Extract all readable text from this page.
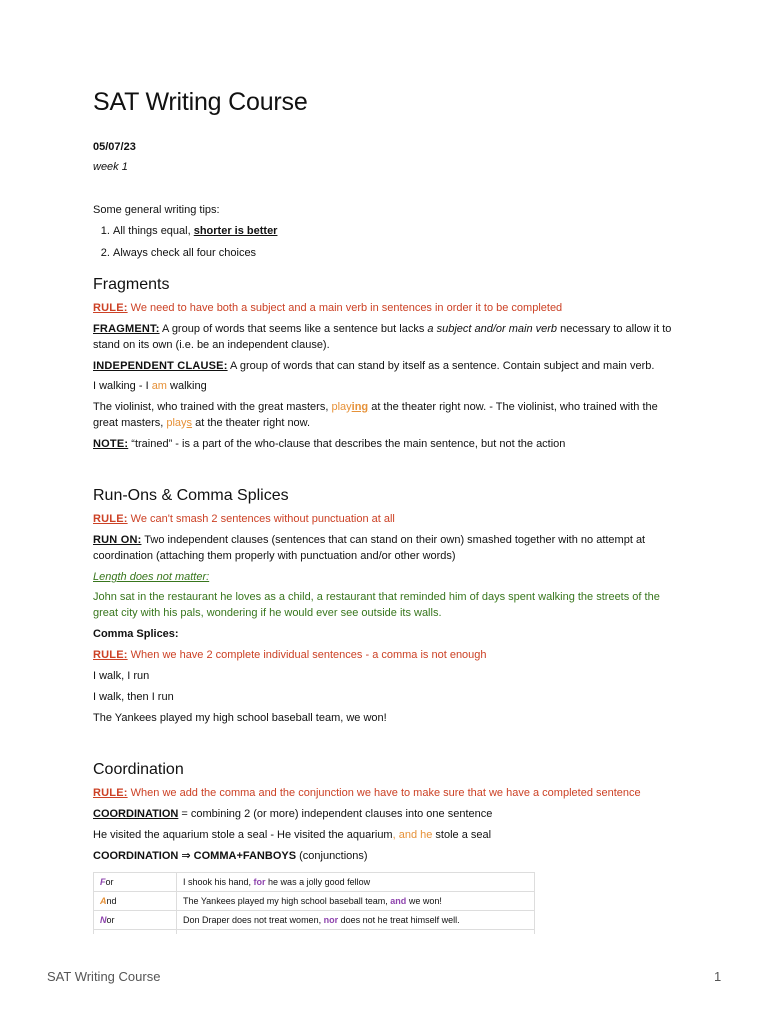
SAT Writing Course
05/07/23
week 1
Some general writing tips:
1. All things equal, shorter is better
2. Always check all four choices
Fragments
RULE: We need to have both a subject and a main verb in sentences in order it to be completed
FRAGMENT: A group of words that seems like a sentence but lacks a subject and/or main verb necessary to allow it to stand on its own (i.e. be an independent clause).
INDEPENDENT CLAUSE: A group of words that can stand by itself as a sentence. Contain subject and main verb.
I walking - I am walking
The violinist, who trained with the great masters, playing at the theater right now. - The violinist, who trained with the great masters, plays at the theater right now.
NOTE: “trained” - is a part of the who-clause that describes the main sentence, but not the action
Run-Ons & Comma Splices
RULE: We can't smash 2 sentences without punctuation at all
RUN ON: Two independent clauses (sentences that can stand on their own) smashed together with no attempt at coordination (attaching them properly with punctuation and/or other words)
Length does not matter:
John sat in the restaurant he loves as a child, a restaurant that reminded him of days spent walking the streets of the great city with his pals, wondering if he would ever see outside its walls.
Comma Splices:
RULE: When we have 2 complete individual sentences - a comma is not enough
I walk, I run
I walk, then I run
The Yankees played my high school baseball team, we won!
Coordination
RULE: When we add the comma and the conjunction we have to make sure that we have a completed sentence
COORDINATION = combining 2 (or more) independent clauses into one sentence
He visited the aquarium stole a seal - He visited the aquarium, and he stole a seal
COORDINATION ⇒ COMMA+FANBOYS (conjunctions)
For	I shook his hand, for he was a jolly good fellow
And	The Yankees played my high school baseball team, and we won!
Nor	Don Draper does not treat women, nor does not he treat himself well.

SAT Writing Course	1
